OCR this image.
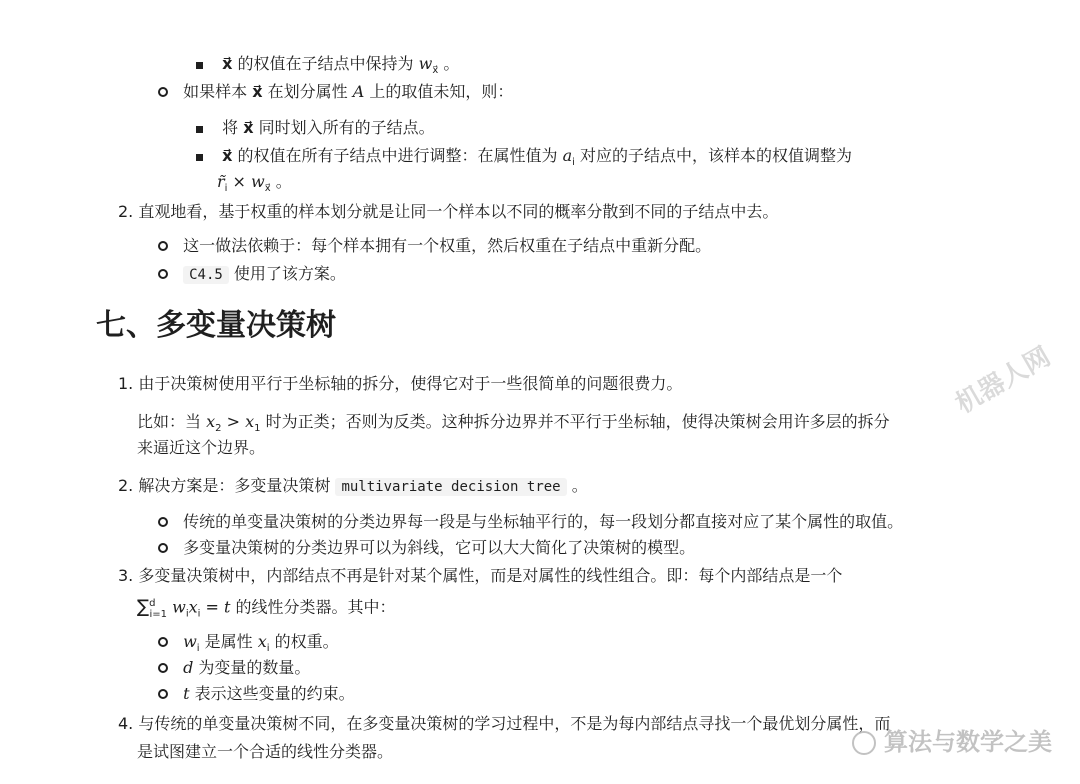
x⃗ 的权值在子结点中保持为 $w_{x⃗}$ 。
如果样本 x⃗ 在划分属性 A 上的取值未知，则：
将 x⃗ 同时划入所有的子结点。
x⃗ 的权值在所有子结点中进行调整：在属性值为 $a_i$ 对应的子结点中，该样本的权值调整为
$r̃_i \times w_{x⃗}$ 。
2. 直观地看，基于权重的样本划分就是让同一个样本以不同的概率分散到不同的子结点中去。
这一做法依赖于：每个样本拥有一个权重，然后权重在子结点中重新分配。
C4.5 使用了该方案。
七、多变量决策树
1. 由于决策树使用平行于坐标轴的拆分，使得它对于一些很简单的问题很费力。
比如：当 $x_2 > x_1$ 时为正类；否则为反类。这种拆分边界并不平行于坐标轴，使得决策树会用许多层的拆分
来逼近这个边界。
2. 解决方案是：多变量决策树 multivariate decision tree 。
传统的单变量决策树的分类边界每一段是与坐标轴平行的，每一段划分都直接对应了某个属性的取值。
多变量决策树的分类边界可以为斜线，它可以大大简化了决策树的模型。
3. 多变量决策树中，内部结点不再是针对某个属性，而是对属性的线性组合。即：每个内部结点是一个
∑$^d_{i=1}$ $w_ix_i = t$ 的线性分类器。其中：
$w_i$ 是属性 $x_i$ 的权重。
d 为变量的数量。
t 表示这些变量的约束。
4. 与传统的单变量决策树不同，在多变量决策树的学习过程中，不是为每内部结点寻找一个最优划分属性，而
是试图建立一个合适的线性分类器。
机器人网
算法与数学之美
